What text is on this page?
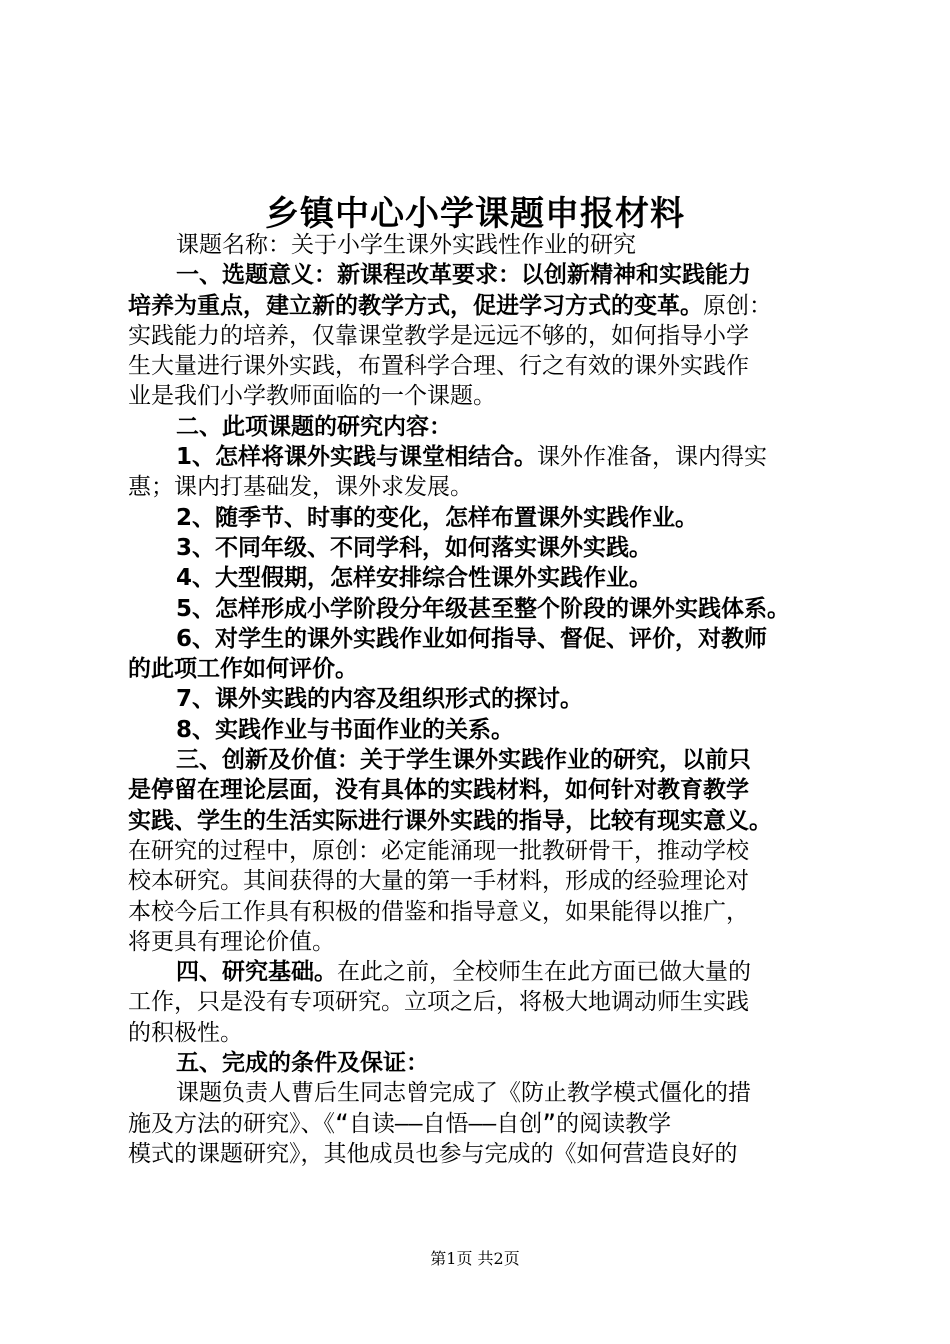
乡镇中心小学课题申报材料
课题名称：关于小学生课外实践性作业的研究
一、选题意义：新课程改革要求：以创新精神和实践能力
培养为重点，建立新的教学方式，促进学习方式的变革。原创：
实践能力的培养，仅靠课堂教学是远远不够的，如何指导小学
生大量进行课外实践，布置科学合理、行之有效的课外实践作
业是我们小学教师面临的一个课题。
二、此项课题的研究内容：
1、怎样将课外实践与课堂相结合。课外作准备，课内得实
惠；课内打基础发，课外求发展。
2、随季节、时事的变化，怎样布置课外实践作业。
3、不同年级、不同学科，如何落实课外实践。
4、大型假期，怎样安排综合性课外实践作业。
5、怎样形成小学阶段分年级甚至整个阶段的课外实践体系。
6、对学生的课外实践作业如何指导、督促、评价，对教师
的此项工作如何评价。
7、课外实践的内容及组织形式的探讨。
8、实践作业与书面作业的关系。
三、创新及价值：关于学生课外实践作业的研究，以前只
是停留在理论层面，没有具体的实践材料，如何针对教育教学
实践、学生的生活实际进行课外实践的指导，比较有现实意义。
在研究的过程中，原创：必定能涌现一批教研骨干，推动学校
校本研究。其间获得的大量的第一手材料，形成的经验理论对
本校今后工作具有积极的借鉴和指导意义，如果能得以推广，
将更具有理论价值。
四、研究基础。在此之前，全校师生在此方面已做大量的
工作，只是没有专项研究。立项之后，将极大地调动师生实践
的积极性。
五、完成的条件及保证：
课题负责人曹后生同志曾完成了《防止教学模式僵化的措
施及方法的研究》、《“自读——自悟——自创”的阅读教学
模式的课题研究》，其他成员也参与完成的《如何营造良好的
第1页 共2页
